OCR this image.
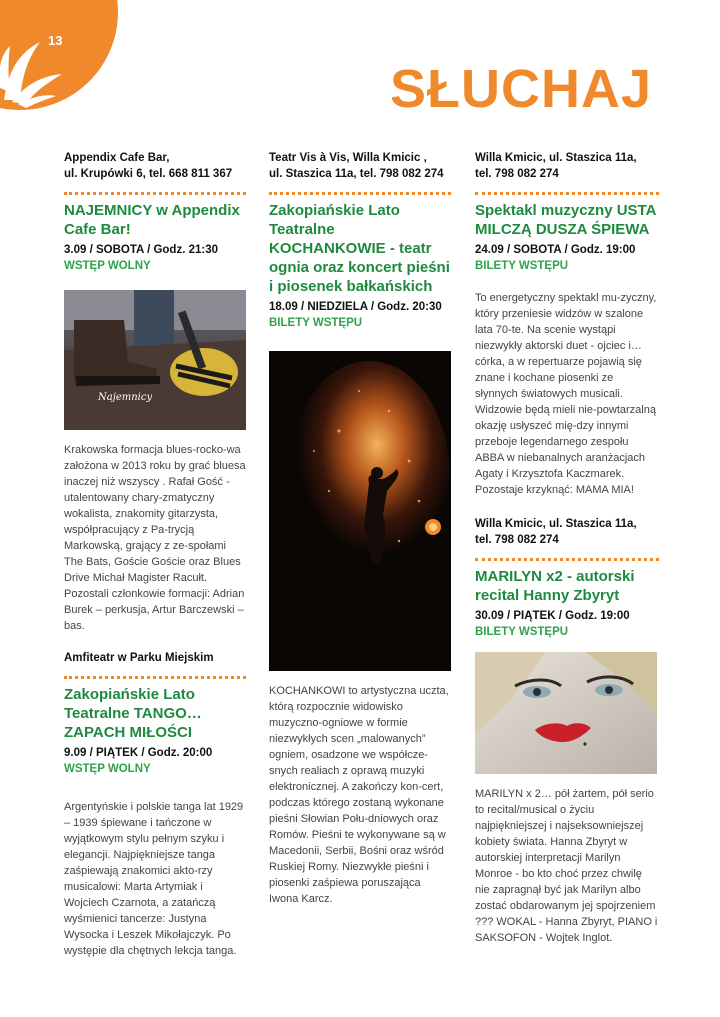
13
SŁUCHAJ

Appendix Cafe Bar,

ul. Krupówki 6, tel. 668 811 367

NAJEMNICY w Appendix Cafe Bar!

3.09 / SOBOTA / Godz. 21:30
WSTĘP WOLNY
Najemnicy

Krakowska formacja blues-rocko-wa założona w 2013 roku by grać bluesa inaczej niż wszyscy . Rafał Gość - utalentowany chary-zmatyczny wokalista, znakomity gitarzysta, współpracujący z Pa-trycją Markowską, grający z ze-społami The Bats, Goście Goście oraz Blues Drive Michał Magister Racułt. Pozostali członkowie formacji: Adrian Burek – perkusja, Artur Barczewski –bas.

Amfiteatr w Parku Miejskim

Zakopiańskie Lato Teatralne TANGO… ZAPACH MIŁOŚCI

9.09 / PIĄTEK / Godz. 20:00
WSTĘP WOLNY

Argentyńskie i polskie tanga lat 1929 – 1939 śpiewane i tańczone w wyjątkowym stylu pełnym szyku i elegancji. Najpiękniejsze tanga zaśpiewają znakomici akto-rzy musicalowi: Marta Artymiak i Wojciech Czarnota, a zatańczą wyśmienici tancerze: Justyna Wysocka i Leszek Mikołajczyk. Po występie dla chętnych lekcja tanga.

Teatr Vis à Vis, Willa Kmicic ,

ul. Staszica 11a, tel. 798 082 274

Zakopiańskie Lato Teatralne KOCHANKOWIE - teatr ognia oraz koncert pieśni i piosenek bałkańskich

18.09 / NIEDZIELA / Godz. 20:30
BILETY WSTĘPU

KOCHANKOWI to artystyczna uczta, którą rozpocznie widowisko muzyczno-ogniowe w formie niezwykłych scen „malowanych” ogniem, osadzone we współcze-snych realiach z oprawą muzyki elektronicznej. A zakończy kon-cert, podczas którego zostaną wykonane pieśni Słowian Połu-dniowych oraz Romów. Pieśni te wykonywane są w Macedonii, Serbii, Bośni oraz wśród Ruskiej Romy. Niezwykłe pieśni i piosenki zaśpiewa poruszająca Iwona Karcz.

Willa Kmicic, ul. Staszica 11a,

tel. 798 082 274

Spektakl muzyczny USTA MILCZĄ DUSZA ŚPIEWA

24.09 / SOBOTA / Godz. 19:00
BILETY WSTĘPU

To energetyczny spektakl mu-zyczny, który przeniesie widzów w szalone lata 70-te. Na scenie wystąpi niezwykły aktorski duet - ojciec i… córka, a w repertuarze pojawią się znane i kochane piosenki ze słynnych światowych musicali. Widzowie będą mieli nie-powtarzalną okazję usłyszeć mię-dzy innymi przeboje legendarnego zespołu ABBA w niebanalnych aranżacjach Agaty i Krzysztofa Kaczmarek. Pozostaje krzyknąć: MAMA MIA!

Willa Kmicic, ul. Staszica 11a,

tel. 798 082 274

MARILYN x2 - autorski recital Hanny Zbyryt

30.09 / PIĄTEK / Godz. 19:00
BILETY WSTĘPU

MARILYN x 2… pół żartem, pół serio to recital/musical o życiu najpiękniejszej i najseksowniejszej kobiety świata. Hanna Zbyryt w autorskiej interpretacji Marilyn Monroe - bo kto choć przez chwilę nie zapragnął być jak Marilyn albo zostać obdarowanym jej spojrzeniem ??? WOKAL - Hanna Zbyryt, PIANO i SAKSOFON - Wojtek Inglot.
